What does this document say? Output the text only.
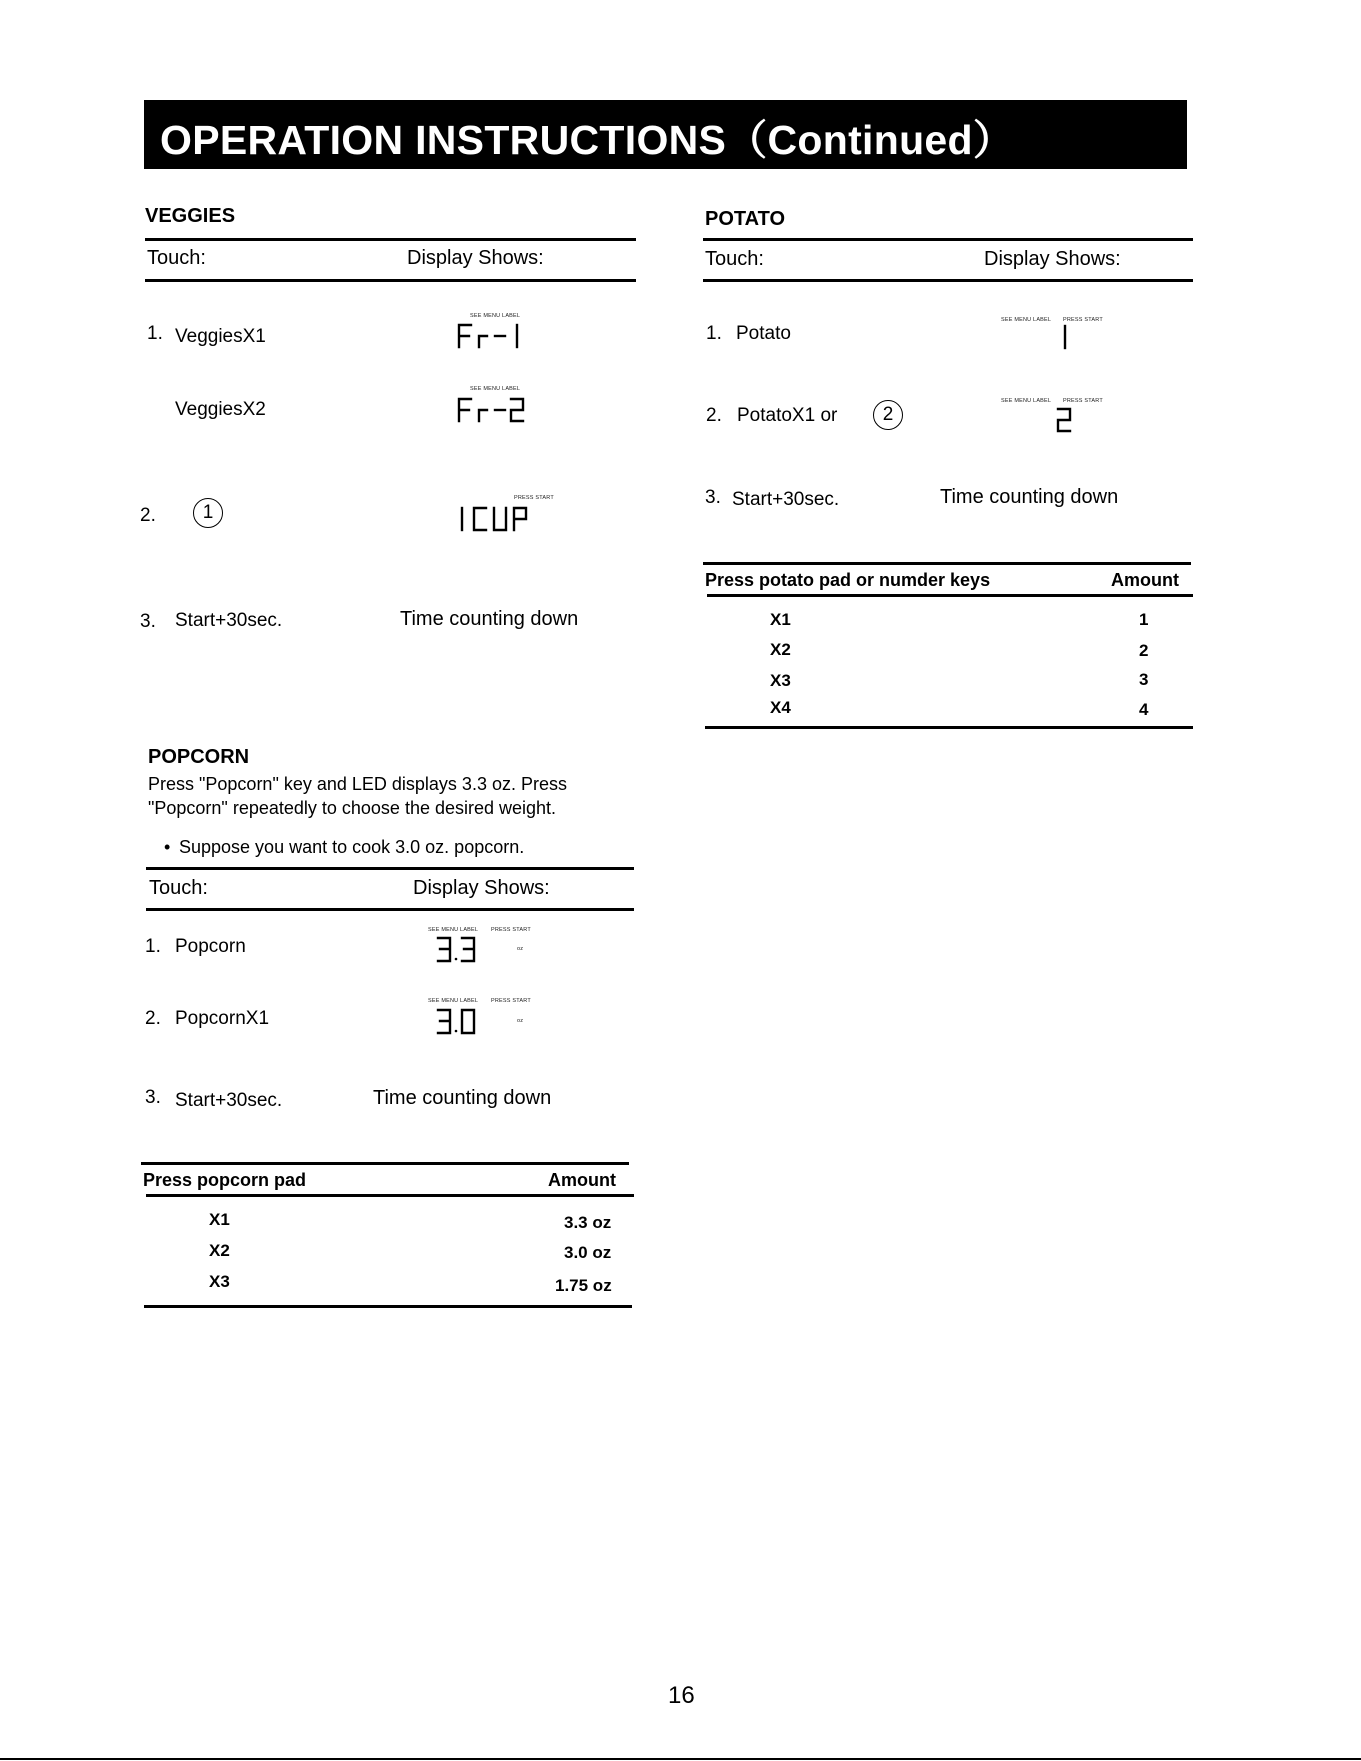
OPERATION INSTRUCTIONS（Continued）
VEGGIES
Touch:	Display Shows:
1. VeggiesX1
SEE MENU LABEL
VeggiesX2
SEE MENU LABEL
2. 1
PRESS START
3. Start+30sec.	Time counting down
POTATO
Touch:	Display Shows:
1. Potato
SEE MENU LABEL PRESS START
2. PotatoX1 or 2
SEE MENU LABEL PRESS START
3. Start+30sec.	Time counting down
Press potato pad or numder keys	Amount
X1	1
X2	2
X3	3
X4	4
POPCORN
Press "Popcorn" key and LED displays 3.3 oz. Press
"Popcorn" repeatedly to choose the desired weight.
• Suppose you want to cook 3.0 oz. popcorn.
Touch:	Display Shows:
1. Popcorn
SEE MENU LABEL PRESS START
oz
2. PopcornX1
SEE MENU LABEL PRESS START
oz
3. Start+30sec.	Time counting down
Press popcorn pad	Amount
X1	3.3 oz
X2	3.0 oz
X3	1.75 oz
16
